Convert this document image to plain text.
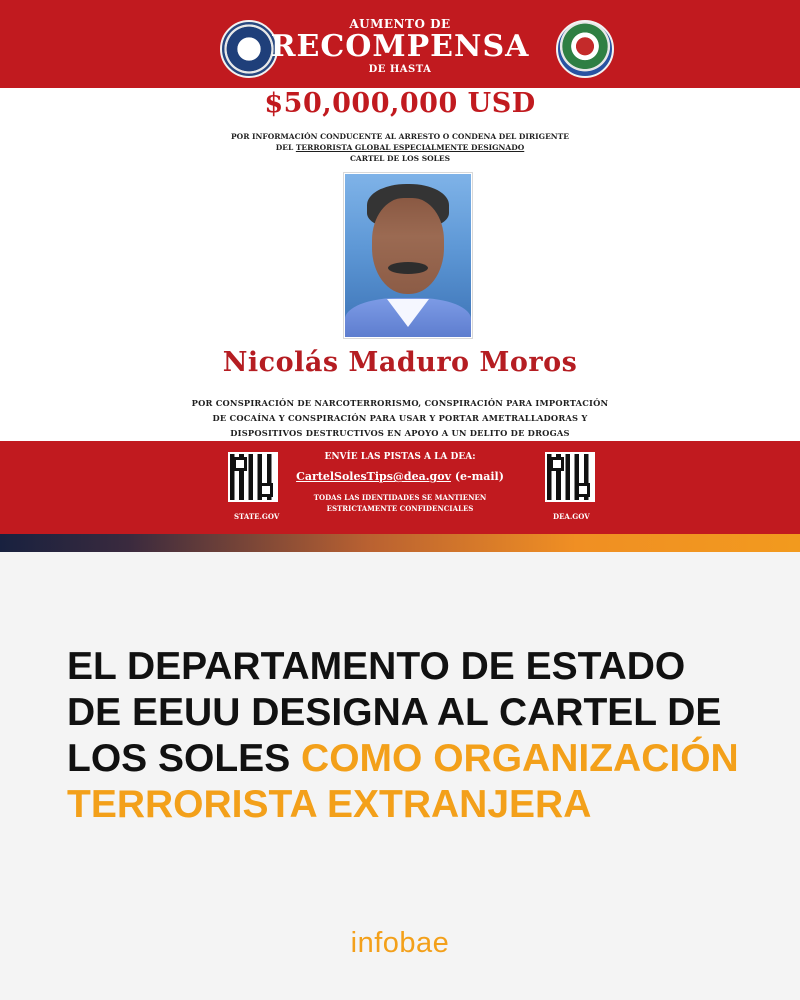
AUMENTO DE
RECOMPENSA
DE HASTA
$50,000,000 USD
POR INFORMACIÓN CONDUCENTE AL ARRESTO O CONDENA DEL DIRIGENTE
DEL TERRORISTA GLOBAL ESPECIALMENTE DESIGNADO
CARTEL DE LOS SOLES
Nicolás Maduro Moros
POR CONSPIRACIÓN DE NARCOTERRORISMO, CONSPIRACIÓN PARA IMPORTACIÓN
DE COCAÍNA Y CONSPIRACIÓN PARA USAR Y PORTAR AMETRALLADORAS Y
DISPOSITIVOS DESTRUCTIVOS EN APOYO A UN DELITO DE DROGAS
STATE.GOV
ENVÍE LAS PISTAS A LA DEA:
CartelSolesTips@dea.gov (e-mail)
TODAS LAS IDENTIDADES SE MANTIENEN
ESTRICTAMENTE CONFIDENCIALES
DEA.GOV
EL DEPARTAMENTO DE ESTADO
DE EEUU DESIGNA AL CARTEL DE
LOS SOLES COMO ORGANIZACIÓN
TERRORISTA EXTRANJERA
infobae
